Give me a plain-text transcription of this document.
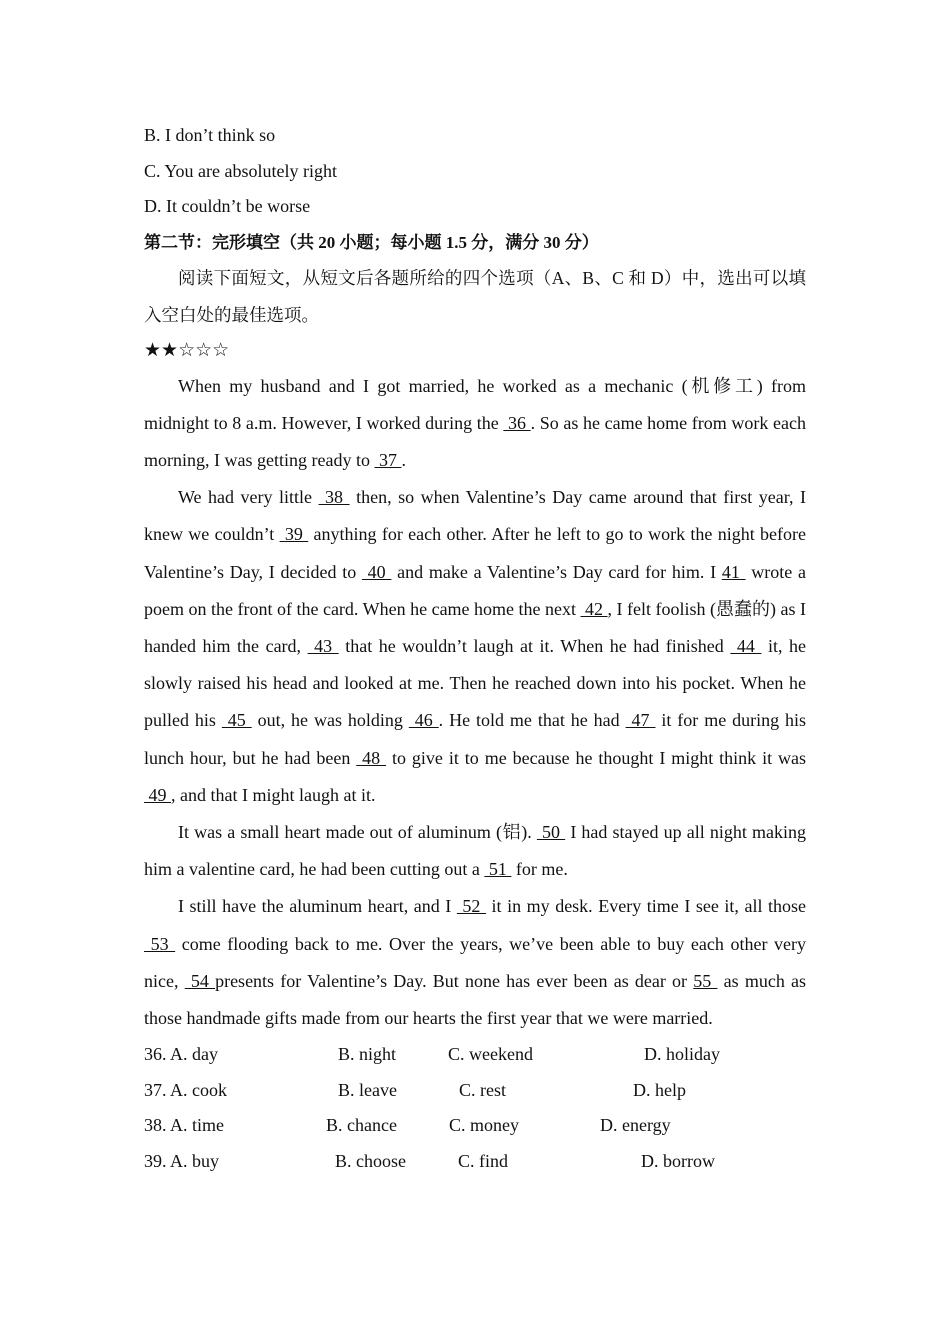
B. I don’t think so

C. You are absolutely right

D. It couldn’t be worse

第二节：完形填空（共 20 小题；每小题 1.5 分，满分 30 分）

阅读下面短文，从短文后各题所给的四个选项（A、B、C 和 D）中，选出可以填入空白处的最佳选项。

★★☆☆☆

When my husband and I got married, he worked as a mechanic (机修工) from midnight to 8 a.m. However, I worked during the  36 . So as he came home from work each morning, I was getting ready to  37 .

We had very little  38  then, so when Valentine’s Day came around that first year, I knew we couldn’t  39  anything for each other. After he left to go to work the night before Valentine’s Day, I decided to  40  and make a Valentine’s Day card for him. I 41  wrote a poem on the front of the card. When he came home the next  42 , I felt foolish (愚蠢的) as I handed him the card,  43  that he wouldn’t laugh at it. When he had finished  44  it, he slowly raised his head and looked at me. Then he reached down into his pocket. When he pulled his  45  out, he was holding  46 . He told me that he had  47  it for me during his lunch hour, but he had been  48  to give it to me because he thought I might think it was  49 , and that I might laugh at it.

It was a small heart made out of aluminum (铝).  50  I had stayed up all night making him a valentine card, he had been cutting out a  51  for me.

I still have the aluminum heart, and I  52  it in my desk. Every time I see it, all those  53  come flooding back to me. Over the years, we’ve been able to buy each other very nice,  54 presents for Valentine’s Day. But none has ever been as dear or 55  as much as those handmade gifts made from our hearts the first year that we were married.

36. A. day	B. night	C. weekend	D. holiday
37. A. cook	B. leave	C. rest	D. help
38. A. time	B. chance	C. money	D. energy
39. A. buy	B. choose	C. find	D. borrow
